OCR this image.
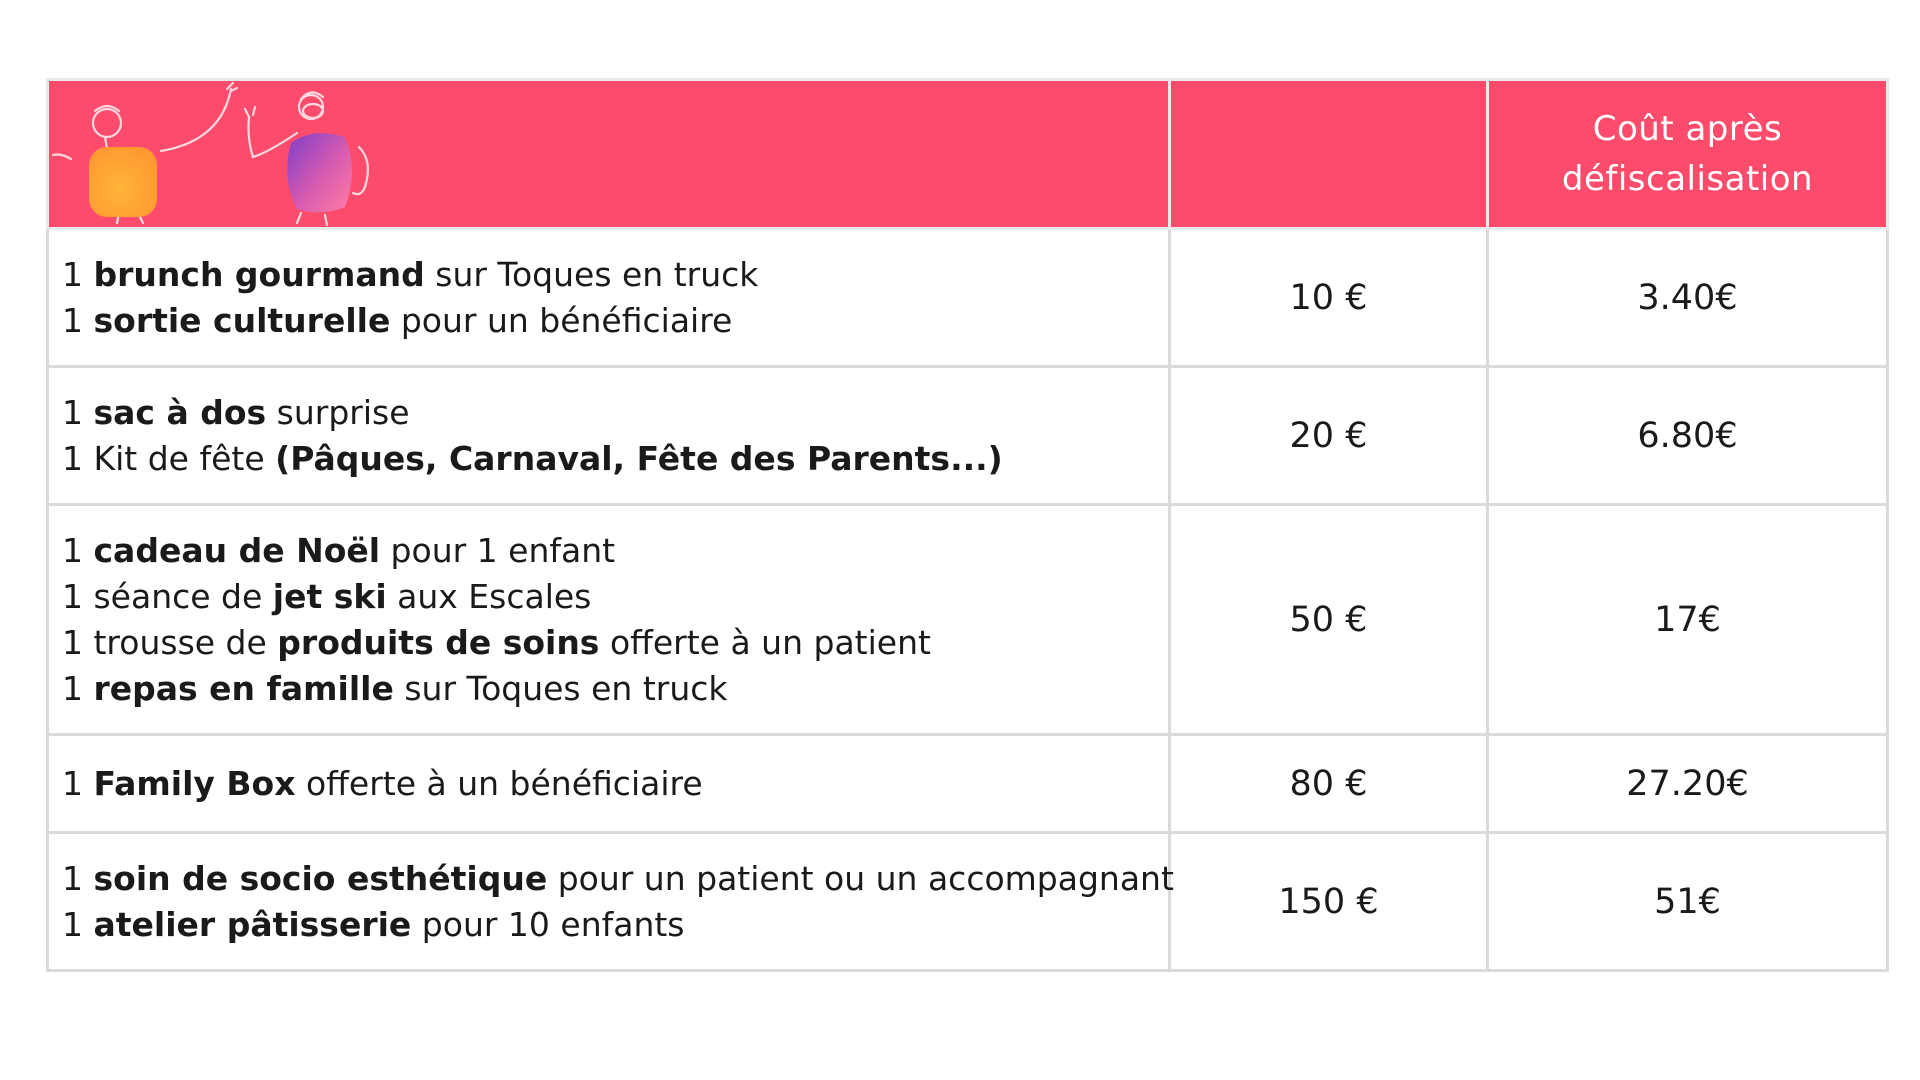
		Coût après
défiscalisation

1 brunch gourmand sur Toques en truck
1 sortie culturelle pour un bénéficiaire	10 €	3.40€

1 sac à dos surprise
1 Kit de fête (Pâques, Carnaval, Fête des Parents...)	20 €	6.80€

1 cadeau de Noël pour 1 enfant
1 séance de jet ski aux Escales
1 trousse de produits de soins offerte à un patient
1 repas en famille sur Toques en truck	50 €	17€

1 Family Box offerte à un bénéficiaire	80 €	27.20€

1 soin de socio esthétique pour un patient ou un accompagnant
1 atelier pâtisserie pour 10 enfants	150 €	51€
